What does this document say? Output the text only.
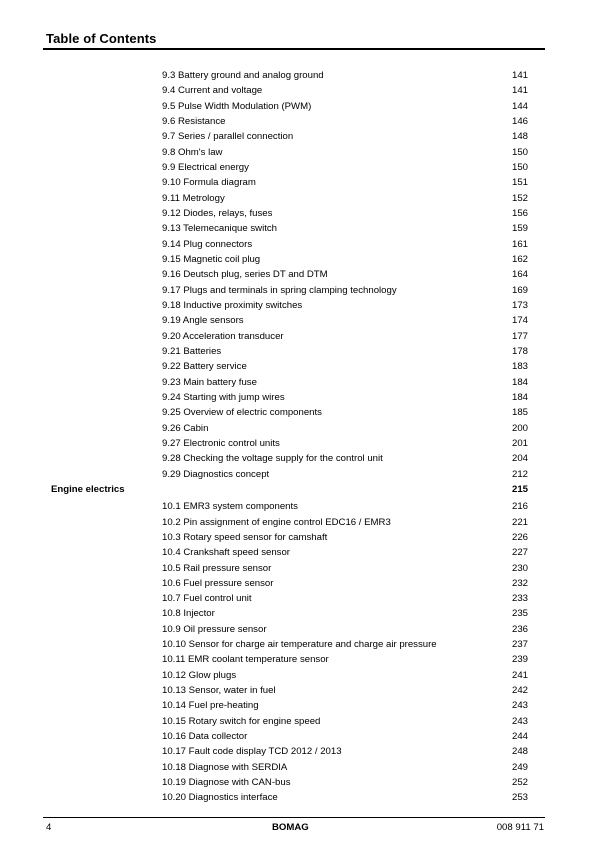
Table of Contents
9.3 Battery ground and analog ground	141
9.4 Current and voltage	141
9.5 Pulse Width Modulation (PWM)	144
9.6 Resistance	146
9.7 Series / parallel connection	148
9.8 Ohm's law	150
9.9 Electrical energy	150
9.10 Formula diagram	151
9.11 Metrology	152
9.12 Diodes, relays, fuses	156
9.13 Telemecanique switch	159
9.14 Plug connectors	161
9.15 Magnetic coil plug	162
9.16 Deutsch plug, series DT and DTM	164
9.17 Plugs and terminals in spring clamping technology	169
9.18 Inductive proximity switches	173
9.19 Angle sensors	174
9.20 Acceleration transducer	177
9.21 Batteries	178
9.22 Battery service	183
9.23 Main battery fuse	184
9.24 Starting with jump wires	184
9.25 Overview of electric components	185
9.26 Cabin	200
9.27 Electronic control units	201
9.28 Checking the voltage supply for the control unit	204
9.29 Diagnostics concept	212
Engine electrics	215
10.1 EMR3 system components	216
10.2 Pin assignment of engine control EDC16 / EMR3	221
10.3 Rotary speed sensor for camshaft	226
10.4 Crankshaft speed sensor	227
10.5 Rail pressure sensor	230
10.6 Fuel pressure sensor	232
10.7 Fuel control unit	233
10.8 Injector	235
10.9 Oil pressure sensor	236
10.10 Sensor for charge air temperature and charge air pressure	237
10.11 EMR coolant temperature sensor	239
10.12 Glow plugs	241
10.13 Sensor, water in fuel	242
10.14 Fuel pre-heating	243
10.15 Rotary switch for engine speed	243
10.16 Data collector	244
10.17 Fault code display TCD 2012 / 2013	248
10.18 Diagnose with SERDIA	249
10.19 Diagnose with CAN-bus	252
10.20 Diagnostics interface	253
4	BOMAG	008 911 71
